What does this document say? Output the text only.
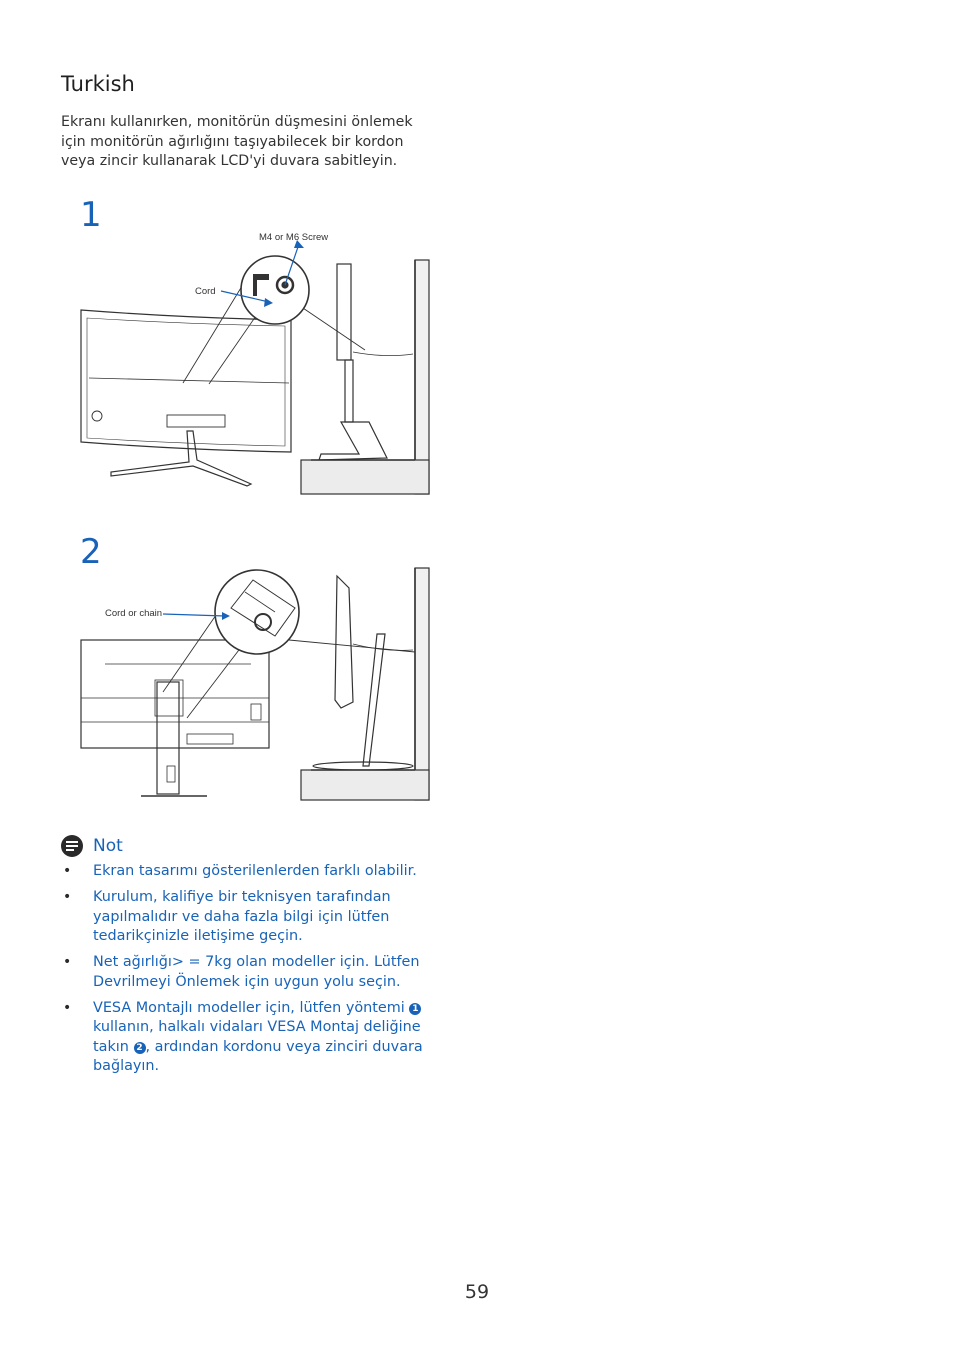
Turkish
Ekranı kullanırken, monitörün düşmesini önlemek
için monitörün ağırlığını taşıyabilecek bir kordon
veya zincir kullanarak LCD'yi duvara sabitleyin.
1
M4 or M6 Screw
Cord
2
Cord or chain
Not
• Ekran tasarımı gösterilenlerden farklı olabilir.
• Kurulum, kalifiye bir teknisyen tarafından
yapılmalıdır ve daha fazla bilgi için lütfen
tedarikçinizle iletişime geçin.
• Net ağırlığı> = 7kg olan modeller için. Lütfen
Devrilmeyi Önlemek için uygun yolu seçin.
• VESA Montajlı modeller için, lütfen yöntemi 1
kullanın, halkalı vidaları VESA Montaj deliğine
takın 2 , ardından kordonu veya zinciri duvara
bağlayın.
59
